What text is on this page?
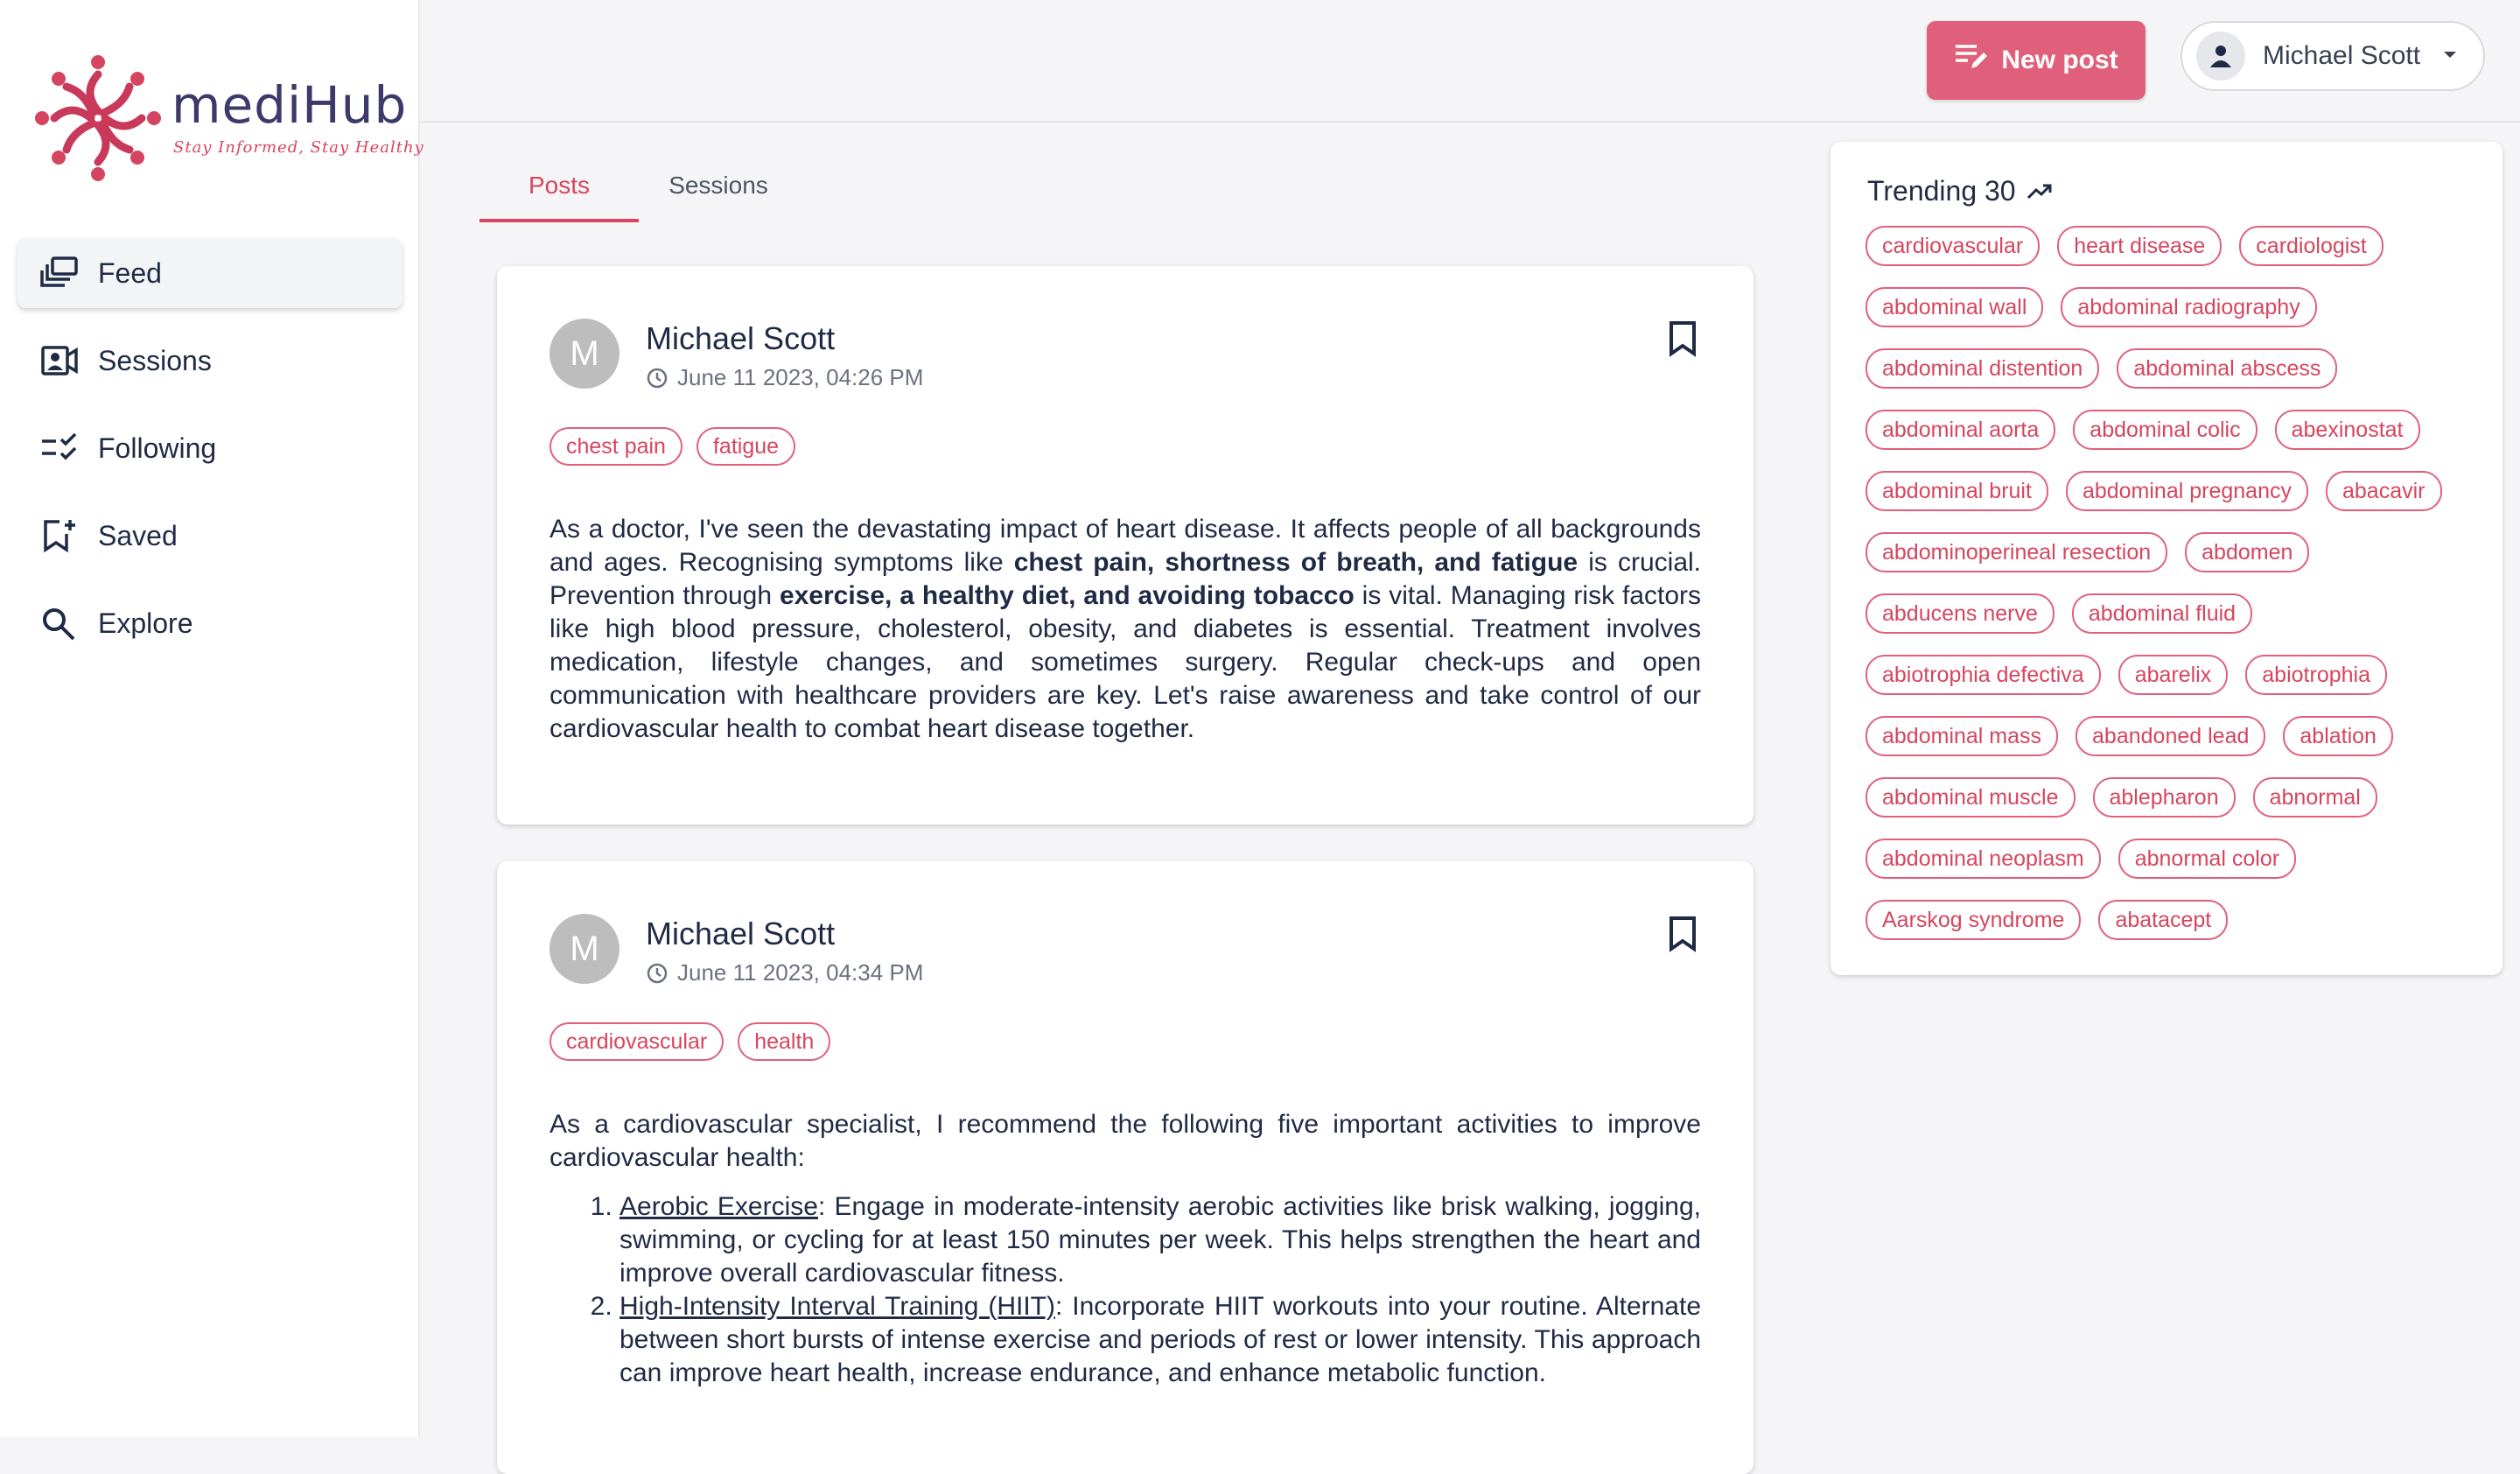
mediHub
Stay Informed, Stay Healthy
Feed
Sessions
Following
Saved
Explore
New post	Michael Scott
Posts	Sessions
M	Michael Scott
June 11 2023, 04:26 PM
chest pain	fatigue
As a doctor, I've seen the devastating impact of heart disease. It affects people of all backgrounds and ages. Recognising symptoms like chest pain, shortness of breath, and fatigue is crucial. Prevention through exercise, a healthy diet, and avoiding tobacco is vital. Managing risk factors like high blood pressure, cholesterol, obesity, and diabetes is essential. Treatment involves medication, lifestyle changes, and sometimes surgery. Regular check-ups and open communication with healthcare providers are key. Let's raise awareness and take control of our cardiovascular health to combat heart disease together.
M	Michael Scott
June 11 2023, 04:34 PM
cardiovascular	health
As a cardiovascular specialist, I recommend the following five important activities to improve cardiovascular health:
1. Aerobic Exercise: Engage in moderate-intensity aerobic activities like brisk walking, jogging, swimming, or cycling for at least 150 minutes per week. This helps strengthen the heart and improve overall cardiovascular fitness.
2. High-Intensity Interval Training (HIIT): Incorporate HIIT workouts into your routine. Alternate between short bursts of intense exercise and periods of rest or lower intensity. This approach can improve heart health, increase endurance, and enhance metabolic function.
Trending 30
cardiovascular	heart disease	cardiologist
abdominal wall	abdominal radiography
abdominal distention	abdominal abscess
abdominal aorta	abdominal colic	abexinostat
abdominal bruit	abdominal pregnancy	abacavir
abdominoperineal resection	abdomen
abducens nerve	abdominal fluid
abiotrophia defectiva	abarelix	abiotrophia
abdominal mass	abandoned lead	ablation
abdominal muscle	ablepharon	abnormal
abdominal neoplasm	abnormal color
Aarskog syndrome	abatacept
